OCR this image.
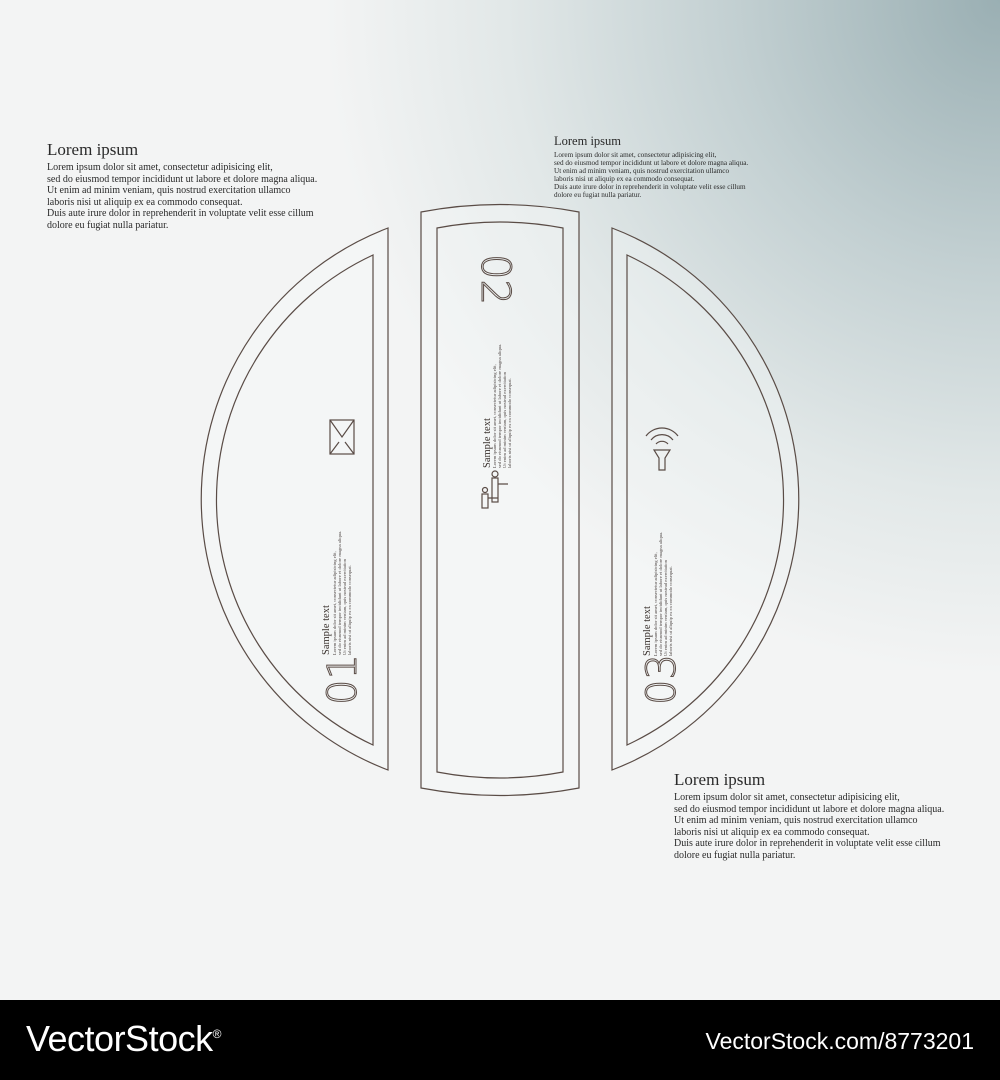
Lorem ipsum
Lorem ipsum dolor sit amet, consectetur adipisicing elit,
sed do eiusmod tempor incididunt ut labore et dolore magna aliqua.
Ut enim ad minim veniam, quis nostrud exercitation ullamco
laboris nisi ut aliquip ex ea commodo consequat.
Duis aute irure dolor in reprehenderit in voluptate velit esse cillum
dolore eu fugiat nulla pariatur.
Lorem ipsum
Lorem ipsum dolor sit amet, consectetur adipisicing elit,
sed do eiusmod tempor incididunt ut labore et dolore magna aliqua.
Ut enim ad minim veniam, quis nostrud exercitation ullamco
laboris nisi ut aliquip ex ea commodo consequat.
Duis aute irure dolor in reprehenderit in voluptate velit esse cillum
dolore eu fugiat nulla pariatur.
Lorem ipsum
Lorem ipsum dolor sit amet, consectetur adipisicing elit,
sed do eiusmod tempor incididunt ut labore et dolore magna aliqua.
Ut enim ad minim veniam, quis nostrud exercitation ullamco
laboris nisi ut aliquip ex ea commodo consequat.
Duis aute irure dolor in reprehenderit in voluptate velit esse cillum
dolore eu fugiat nulla pariatur.
01
Sample text Lorem ipsum dolor sit amet, consectetur adipisicing elit, sed do eiusmod tempor incididunt ut labore et dolore magna aliqua. Ut enim ad minim veniam, quis nostrud exercitation laboris nisi ut aliquip ex ea commodo consequat.
02
Sample text Lorem ipsum dolor sit amet, consectetur adipisicing elit, sed do eiusmod tempor incididunt ut labore et dolore magna aliqua. Ut enim ad minim veniam, quis nostrud exercitation laboris nisi ut aliquip ex ea commodo consequat.
03
Sample text Lorem ipsum dolor sit amet, consectetur adipisicing elit, sed do eiusmod tempor incididunt ut labore et dolore magna aliqua. Ut enim ad minim veniam, quis nostrud exercitation laboris nisi ut aliquip ex ea commodo consequat.
VectorStock®	VectorStock.com/8773201
